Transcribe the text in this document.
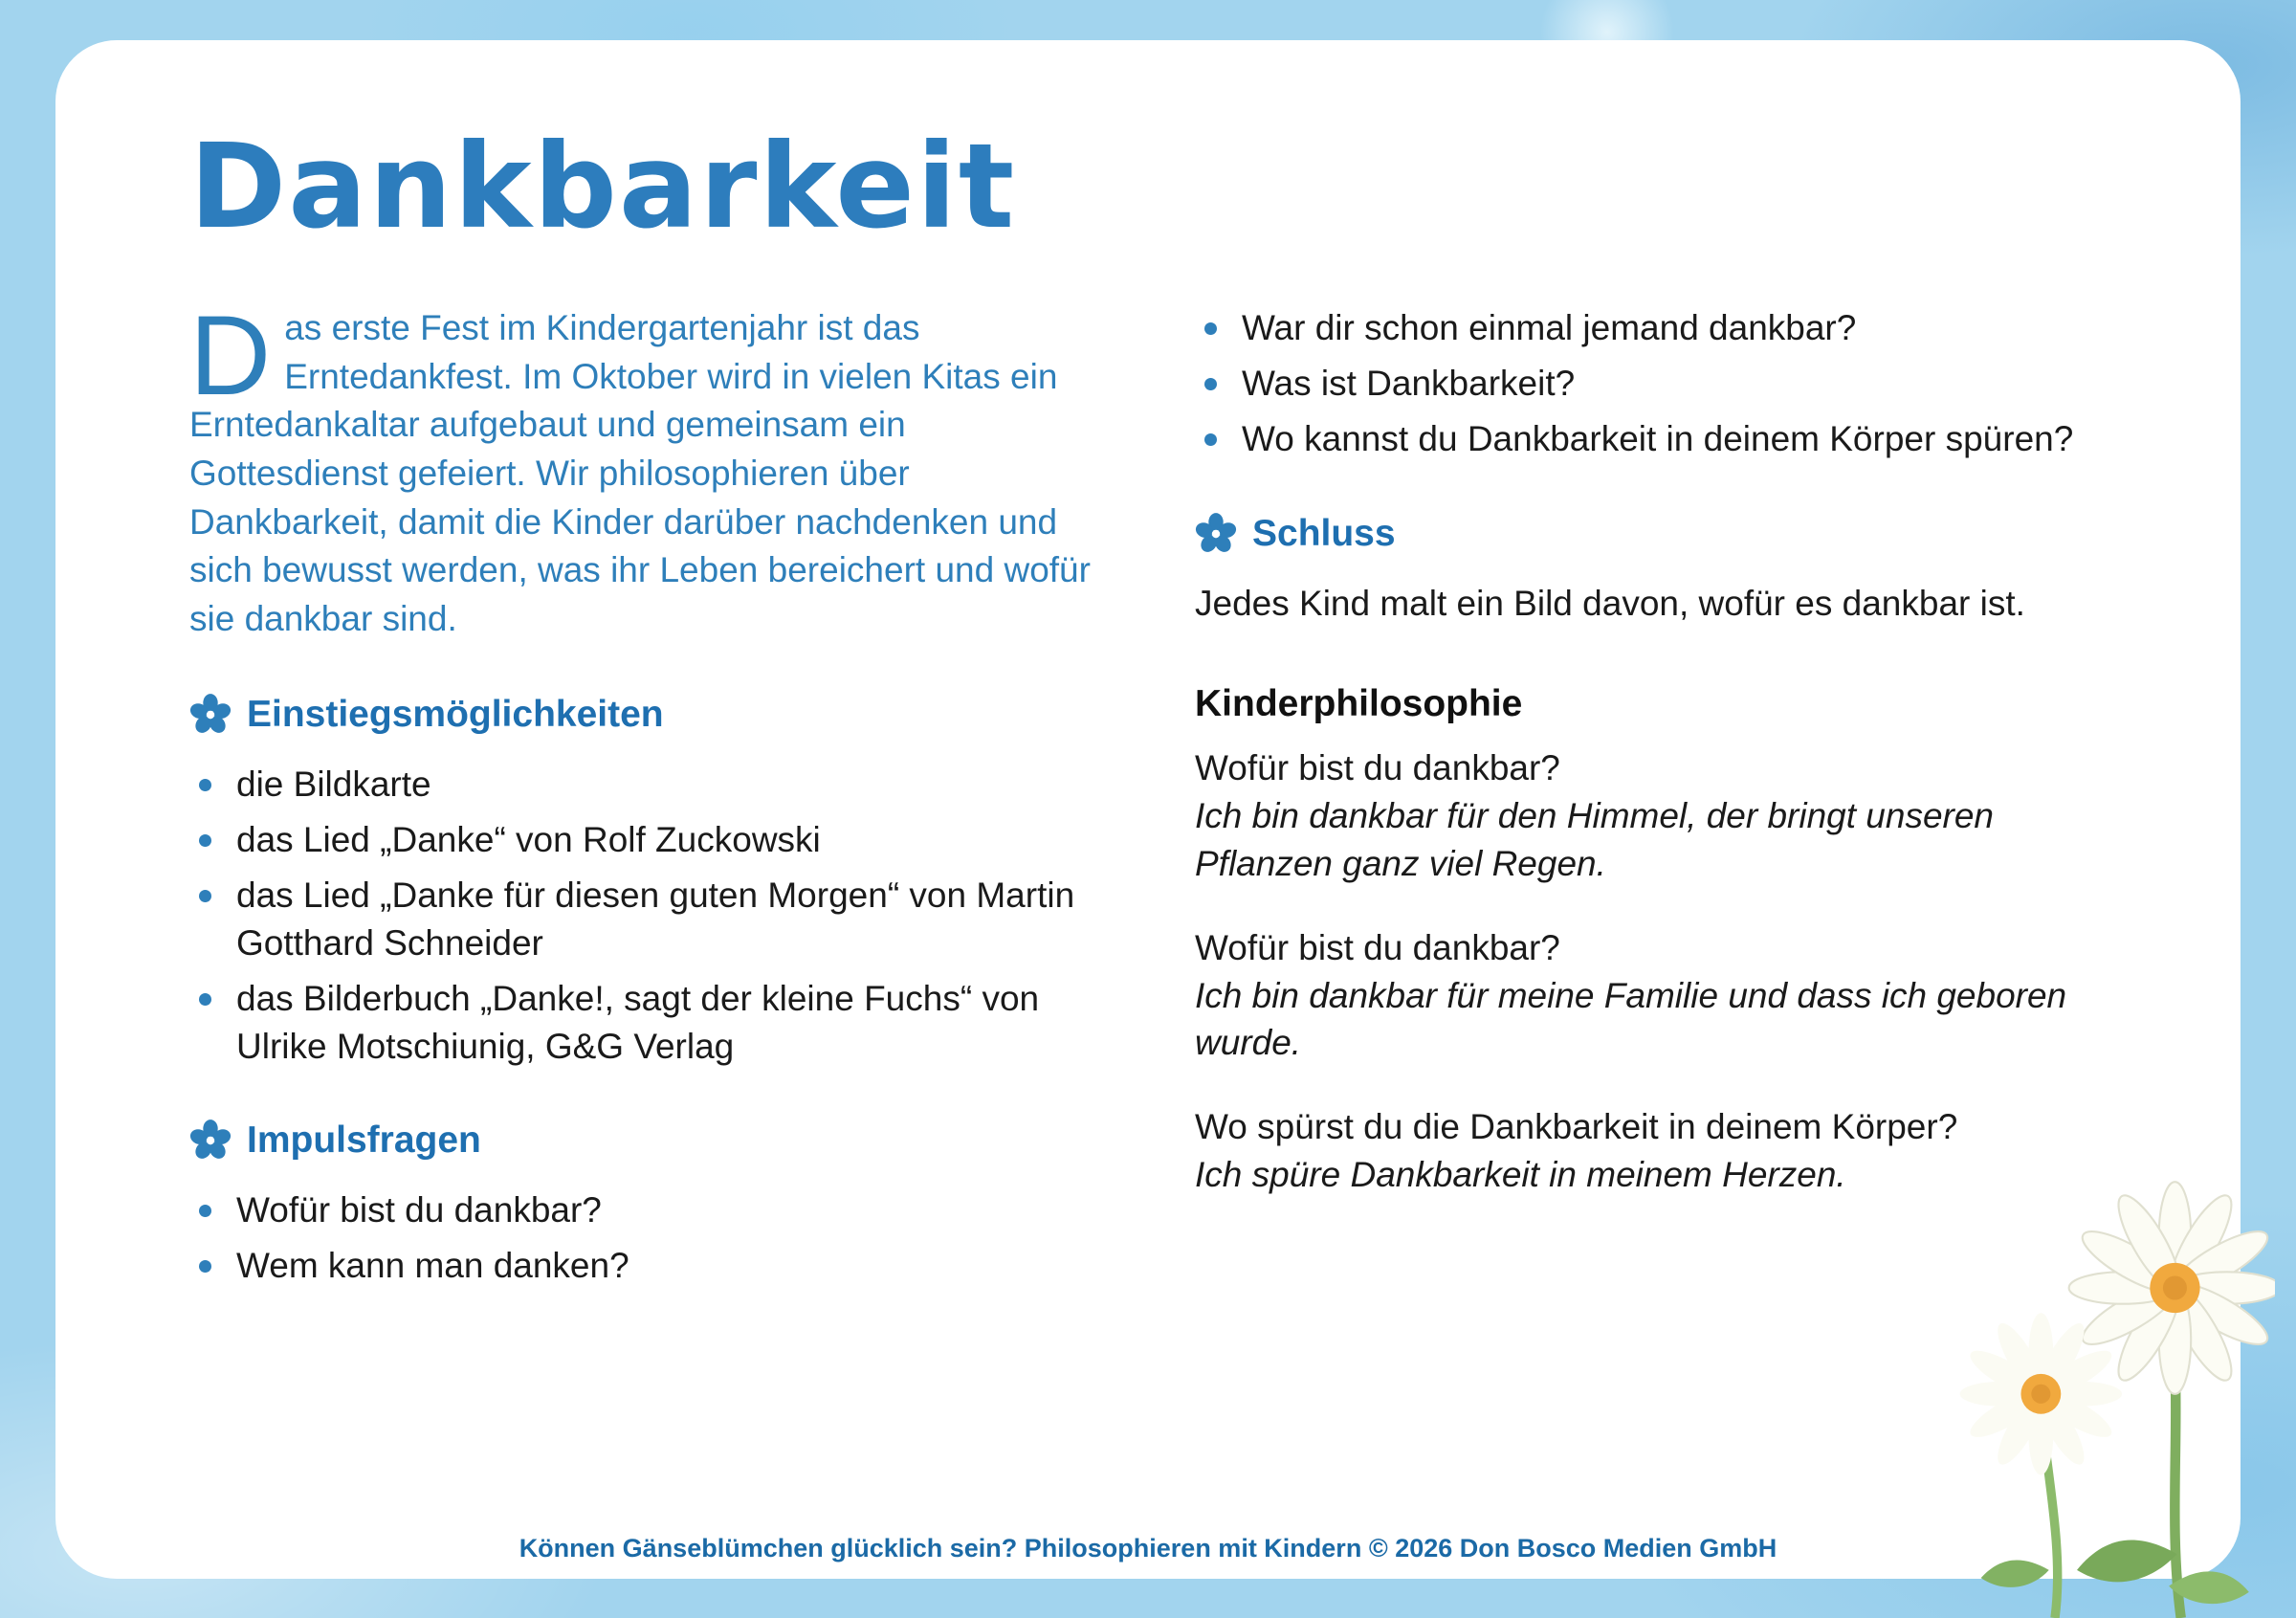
Dankbarkeit

Das erste Fest im Kindergartenjahr ist das Erntedankfest. Im Oktober wird in vielen Kitas ein Erntedankaltar aufgebaut und gemeinsam ein Gottesdienst gefeiert. Wir philosophieren über Dankbarkeit, damit die Kinder darüber nachdenken und sich bewusst werden, was ihr Leben bereichert und wofür sie dankbar sind.

Einstiegsmöglichkeiten
die Bildkarte
das Lied „Danke“ von Rolf Zuckowski
das Lied „Danke für diesen guten Morgen“ von Martin Gotthard Schneider
das Bilderbuch „Danke!, sagt der kleine Fuchs“ von Ulrike Motschiunig, G&G Verlag
Impulsfragen
Wofür bist du dankbar?
Wem kann man danken?
War dir schon einmal jemand dankbar?
Was ist Dankbarkeit?
Wo kannst du Dankbarkeit in deinem Körper spüren?
Schluss

Jedes Kind malt ein Bild davon, wofür es dankbar ist.

Kinderphilosophie

Wofür bist du dankbar?

Ich bin dankbar für den Himmel, der bringt unseren Pflanzen ganz viel Regen.

Wofür bist du dankbar?

Ich bin dankbar für meine Familie und dass ich geboren wurde.

Wo spürst du die Dankbarkeit in deinem Körper?

Ich spüre Dankbarkeit in meinem Herzen.

Können Gänseblümchen glücklich sein? Philosophieren mit Kindern © 2026 Don Bosco Medien GmbH
